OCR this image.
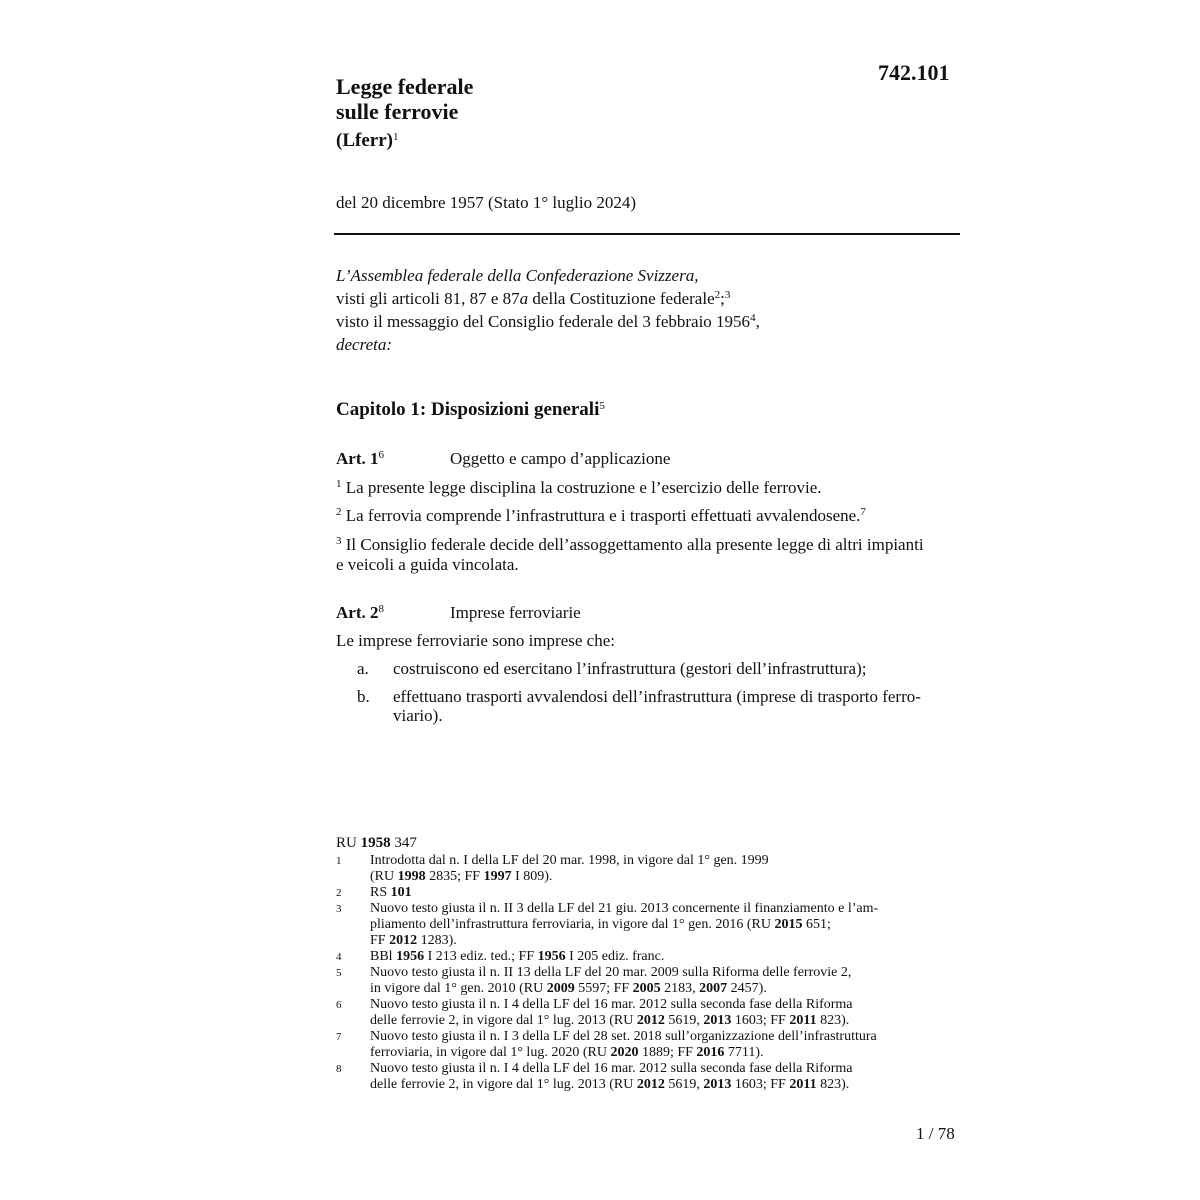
742.101
Legge federale
sulle ferrovie
(Lferr)$^1$
del 20 dicembre 1957 (Stato 1° luglio 2024)
L’Assemblea federale della Confederazione Svizzera,
visti gli articoli 81, 87 e 87a della Costituzione federale$^2$;$^3$
visto il messaggio del Consiglio federale del 3 febbraio 1956$^4$,
decreta:
Capitolo 1: Disposizioni generali$^5$
Art. $1^6$	Oggetto e campo d’applicazione
$^1$ La presente legge disciplina la costruzione e l’esercizio delle ferrovie.
$^2$ La ferrovia comprende l’infrastruttura e i trasporti effettuati avvalendosene.$^7$
$^3$ Il Consiglio federale decide dell’assoggettamento alla presente legge di altri impianti
e veicoli a guida vincolata.
Art. $2^8$	Imprese ferroviarie
Le imprese ferroviarie sono imprese che:
a.	costruiscono ed esercitano l’infrastruttura (gestori dell’infrastruttura);
b.	effettuano trasporti avvalendosi dell’infrastruttura (imprese di trasporto ferro-
viario).
RU 1958 347
1	Introdotta dal n. I della LF del 20 mar. 1998, in vigore dal 1° gen. 1999
(RU 1998 2835; FF 1997 I 809).
2	RS 101
3	Nuovo testo giusta il n. II 3 della LF del 21 giu. 2013 concernente il finanziamento e l’am-
pliamento dell’infrastruttura ferroviaria, in vigore dal 1° gen. 2016 (RU 2015 651;
FF 2012 1283).
4	BBl 1956 I 213 ediz. ted.; FF 1956 I 205 ediz. franc.
5	Nuovo testo giusta il n. II 13 della LF del 20 mar. 2009 sulla Riforma delle ferrovie 2,
in vigore dal 1° gen. 2010 (RU 2009 5597; FF 2005 2183, 2007 2457).
6	Nuovo testo giusta il n. I 4 della LF del 16 mar. 2012 sulla seconda fase della Riforma
delle ferrovie 2, in vigore dal 1° lug. 2013 (RU 2012 5619, 2013 1603; FF 2011 823).
7	Nuovo testo giusta il n. I 3 della LF del 28 set. 2018 sull’organizzazione dell’infrastruttura
ferroviaria, in vigore dal 1° lug. 2020 (RU 2020 1889; FF 2016 7711).
8	Nuovo testo giusta il n. I 4 della LF del 16 mar. 2012 sulla seconda fase della Riforma
delle ferrovie 2, in vigore dal 1° lug. 2013 (RU 2012 5619, 2013 1603; FF 2011 823).
1 / 78
